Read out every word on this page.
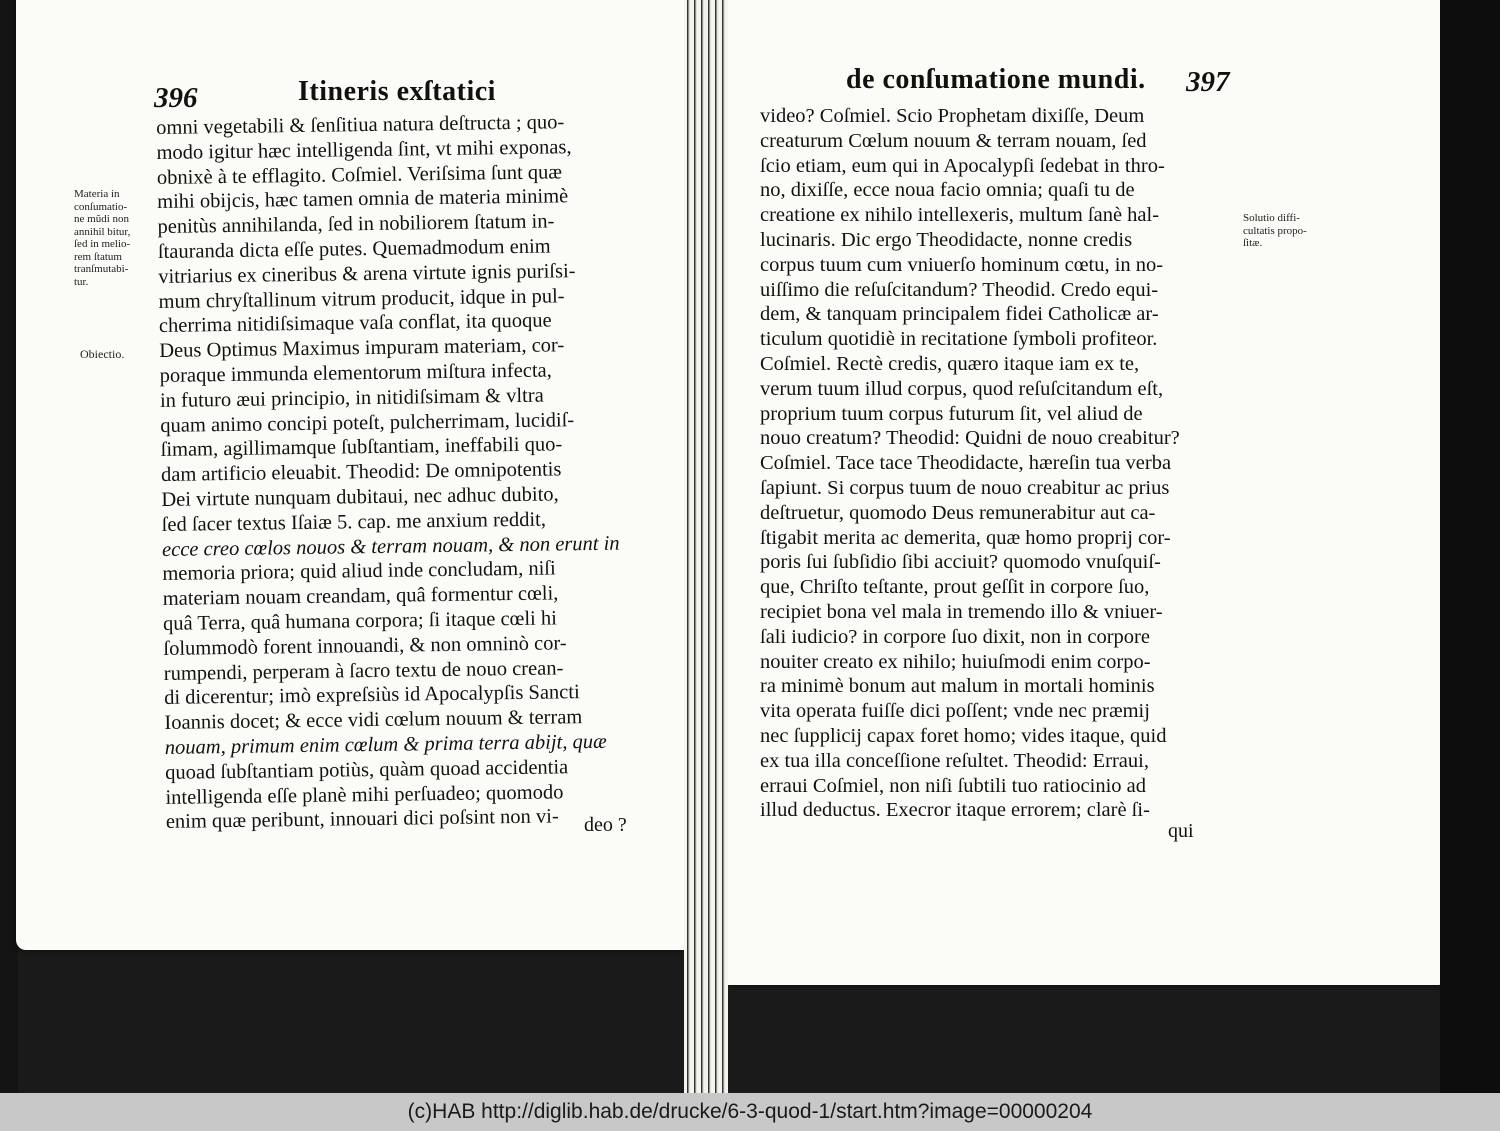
396	Itineris exſtatici
Materia in
conſumatio-
ne mũdi non
annihil bitur,
ſed in melio-
rem ſtatum
tranſmutabi-
tur.
Obiectio.
omni vegetabili & ſenſitiua natura deſtructa ; quo-
modo igitur hæc intelligenda ſint, vt mihi exponas,
obnixè à te efflagito. Coſmiel. Veriſsima ſunt quæ
mihi obijcis, hæc tamen omnia de materia minimè
penitùs annihilanda, ſed in nobiliorem ſtatum in-
ſtauranda dicta eſſe putes. Quemadmodum enim
vitriarius ex cineribus & arena virtute ignis puriſsi-
mum chryſtallinum vitrum producit, idque in pul-
cherrima nitidiſsimaque vaſa conflat, ita quoque
Deus Optimus Maximus impuram materiam, cor-
poraque immunda elementorum miſtura infecta,
in futuro æui principio, in nitidiſsimam & vltra
quam animo concipi poteſt, pulcherrimam, lucidiſ-
ſimam, agillimamque ſubſtantiam, ineffabili quo-
dam artificio eleuabit. Theodid: De omnipotentis
Dei virtute nunquam dubitaui, nec adhuc dubito,
ſed ſacer textus Iſaiæ 5. cap. me anxium reddit,
ecce creo cœlos nouos & terram nouam, & non erunt in
memoria priora; quid aliud inde concludam, niſi
materiam nouam creandam, quâ formentur cœli,
quâ Terra, quâ humana corpora; ſi itaque cœli hi
ſolummodò forent innouandi, & non omninò cor-
rumpendi, perperam à ſacro textu de nouo crean-
di dicerentur; imò expreſsiùs id Apocalypſis Sancti
Ioannis docet; & ecce vidi cœlum nouum & terram
nouam, primum enim cœlum & prima terra abijt, quæ
quoad ſubſtantiam potiùs, quàm quoad accidentia
intelligenda eſſe planè mihi perſuadeo; quomodo
enim quæ peribunt, innouari dici poſsint non vi-	deo ?
de conſumatione mundi. 397
video? Coſmiel. Scio Prophetam dixiſſe, Deum
creaturum Cœlum nouum & terram nouam, ſed
ſcio etiam, eum qui in Apocalypſi ſedebat in thro-
no, dixiſſe, ecce noua facio omnia; quaſi tu de
creatione ex nihilo intellexeris, multum ſanè hal-
lucinaris. Dic ergo Theodidacte, nonne credis
corpus tuum cum vniuerſo hominum cœtu, in no-
uiſſimo die reſuſcitandum? Theodid. Credo equi-
dem, & tanquam principalem fidei Catholicæ ar-
ticulum quotidiè in recitatione ſymboli profiteor.
Coſmiel. Rectè credis, quæro itaque iam ex te,
verum tuum illud corpus, quod reſuſcitandum eſt,
proprium tuum corpus futurum ſit, vel aliud de
nouo creatum? Theodid: Quidni de nouo creabitur?
Coſmiel. Tace tace Theodidacte, hæreſin tua verba
ſapiunt. Si corpus tuum de nouo creabitur ac prius
deſtruetur, quomodo Deus remunerabitur aut ca-
ſtigabit merita ac demerita, quæ homo proprij cor-
poris ſui ſubſidio ſibi acciuit? quomodo vnuſquiſ-
que, Chriſto teſtante, prout geſſit in corpore ſuo,
recipiet bona vel mala in tremendo illo & vniuer-
ſali iudicio? in corpore ſuo dixit, non in corpore
nouiter creato ex nihilo; huiuſmodi enim corpo-
ra minimè bonum aut malum in mortali hominis
vita operata fuiſſe dici poſſent; vnde nec præmij
nec ſupplicij capax foret homo; vides itaque, quid
ex tua illa conceſſione reſultet. Theodid: Erraui,
erraui Coſmiel, non niſi ſubtili tuo ratiocinio ad
illud deductus. Execror itaque errorem; clarè ſi-
qui
Solutio diffi-
cultatis propo-
ſitæ.
(c)HAB http://diglib.hab.de/drucke/6-3-quod-1/start.htm?image=00000204
